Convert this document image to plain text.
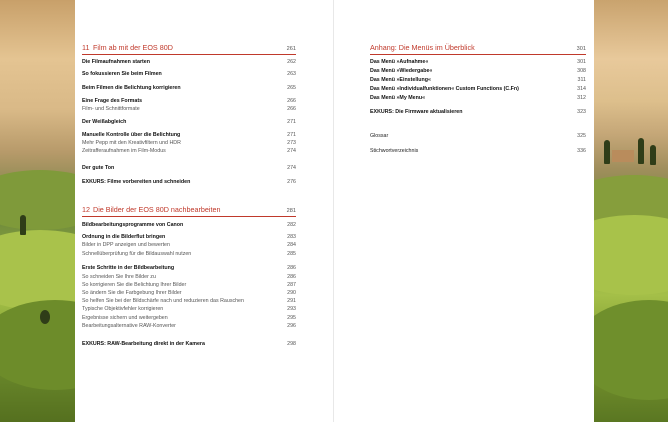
11 Film ab mit der EOS 80D	261
Die Filmaufnahmen starten	262
So fokussieren Sie beim Filmen	263
Beim Filmen die Belichtung korrigieren	265
Eine Frage des Formats	266
Film- und Schnittformate	266
Der Weißabgleich	271
Manuelle Kontrolle über die Belichtung	271
Mehr Pepp mit den Kreativfiltern und HDR	273
Zeitrafferaufnahmen im Film-Modus	274
Der gute Ton	274
EXKURS: Filme vorbereiten und schneiden	276
12 Die Bilder der EOS 80D nachbearbeiten	281
Bildbearbeitungsprogramme von Canon	282
Ordnung in die Bilderflut bringen	283
Bilder in DPP anzeigen und bewerten	284
Schnellüberprüfung für die Bildauswahl nutzen	285
Erste Schritte in der Bildbearbeitung	286
So schneiden Sie Ihre Bilder zu	286
So korrigieren Sie die Belichtung Ihrer Bilder	287
So ändern Sie die Farbgebung Ihrer Bilder	290
So helfen Sie bei der Bildschärfe nach und reduzieren das Rauschen	291
Typische Objektivfehler korrigieren	293
Ergebnisse sichern und weitergeben	295
Bearbeitungsalternative RAW-Konverter	296
EXKURS: RAW-Bearbeitung direkt in der Kamera	298
Anhang: Die Menüs im Überblick	301
Das Menü »Aufnahme«	301
Das Menü »Wiedergabe«	308
Das Menü »Einstellung«	311
Das Menü »Individualfunktionen« Custom Functions (C.Fn)	314
Das Menü »My Menu«	312
EXKURS: Die Firmware aktualisieren	323
Glossar	325
Stichwortverzeichnis	336
